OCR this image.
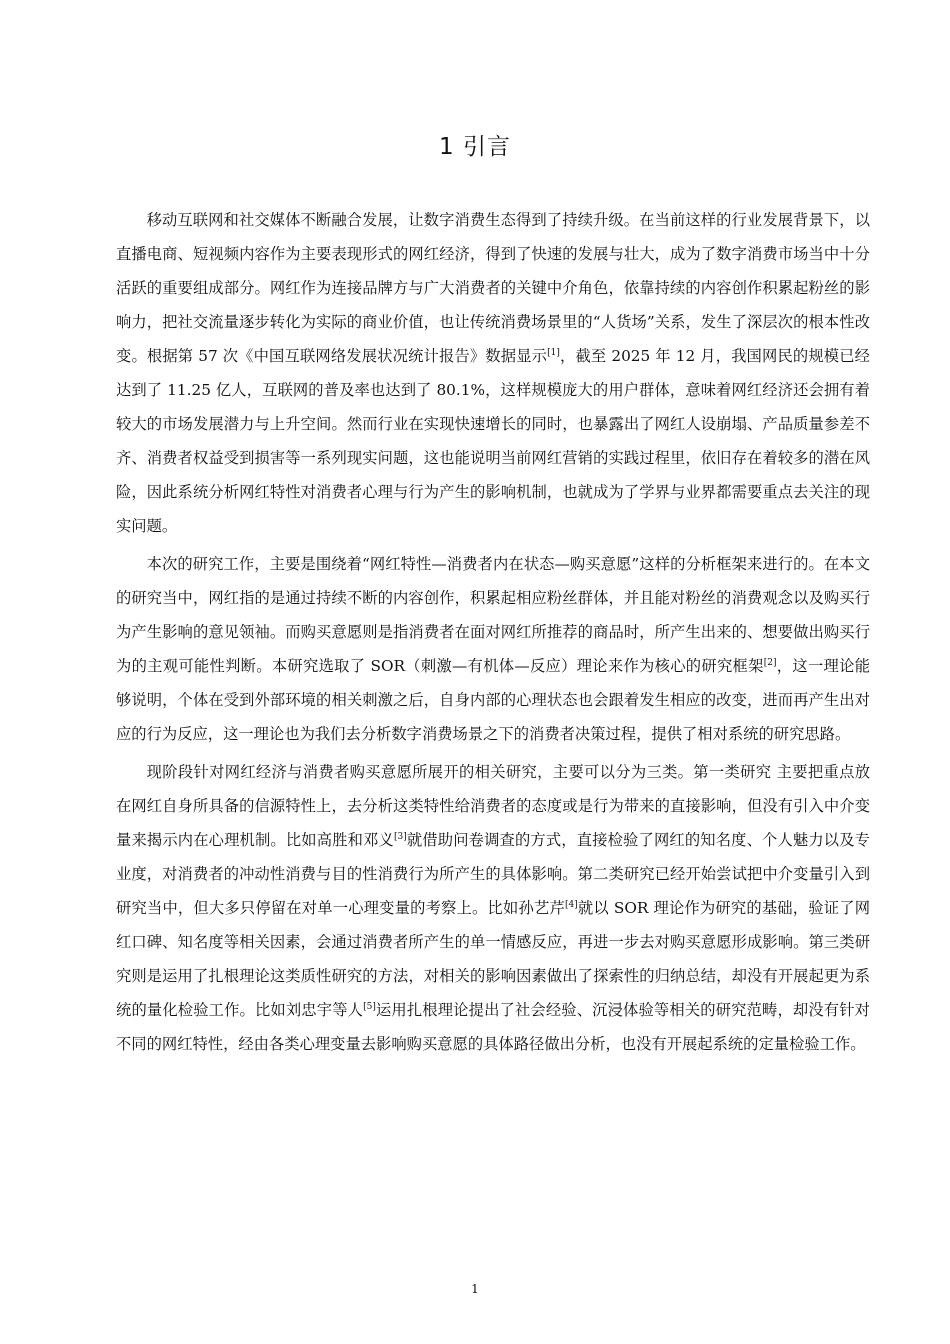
1 引言

移动互联网和社交媒体不断融合发展，让数字消费生态得到了持续升级。在当前这样的行业发展背景下，以直播电商、短视频内容作为主要表现形式的网红经济，得到了快速的发展与壮大，成为了数字消费市场当中十分活跃的重要组成部分。网红作为连接品牌方与广大消费者的关键中介角色，依靠持续的内容创作积累起粉丝的影响力，把社交流量逐步转化为实际的商业价值，也让传统消费场景里的“人货场”关系，发生了深层次的根本性改变。根据第 57 次《中国互联网络发展状况统计报告》数据显示[1]，截至 2025 年 12 月，我国网民的规模已经达到了 11.25 亿人，互联网的普及率也达到了 80.1%，这样规模庞大的用户群体，意味着网红经济还会拥有着较大的市场发展潜力与上升空间。然而行业在实现快速增长的同时，也暴露出了网红人设崩塌、产品质量参差不齐、消费者权益受到损害等一系列现实问题，这也能说明当前网红营销的实践过程里，依旧存在着较多的潜在风险，因此系统分析网红特性对消费者心理与行为产生的影响机制，也就成为了学界与业界都需要重点去关注的现实问题。

本次的研究工作，主要是围绕着“网红特性—消费者内在状态—购买意愿”这样的分析框架来进行的。在本文的研究当中，网红指的是通过持续不断的内容创作，积累起相应粉丝群体，并且能对粉丝的消费观念以及购买行为产生影响的意见领袖。而购买意愿则是指消费者在面对网红所推荐的商品时，所产生出来的、想要做出购买行为的主观可能性判断。本研究选取了 SOR（刺激—有机体—反应）理论来作为核心的研究框架[2]，这一理论能够说明，个体在受到外部环境的相关刺激之后，自身内部的心理状态也会跟着发生相应的改变，进而再产生出对应的行为反应，这一理论也为我们去分析数字消费场景之下的消费者决策过程，提供了相对系统的研究思路。

现阶段针对网红经济与消费者购买意愿所展开的相关研究，主要可以分为三类。第一类研究 主要把重点放在网红自身所具备的信源特性上，去分析这类特性给消费者的态度或是行为带来的直接影响，但没有引入中介变量来揭示内在心理机制。比如高胜和邓义[3]就借助问卷调查的方式，直接检验了网红的知名度、个人魅力以及专业度，对消费者的冲动性消费与目的性消费行为所产生的具体影响。第二类研究已经开始尝试把中介变量引入到研究当中，但大多只停留在对单一心理变量的考察上。比如孙艺芹[4]就以 SOR 理论作为研究的基础，验证了网红口碑、知名度等相关因素，会通过消费者所产生的单一情感反应，再进一步去对购买意愿形成影响。第三类研究则是运用了扎根理论这类质性研究的方法，对相关的影响因素做出了探索性的归纳总结，却没有开展起更为系统的量化检验工作。比如刘忠宇等人[5]运用扎根理论提出了社会经验、沉浸体验等相关的研究范畴，却没有针对不同的网红特性，经由各类心理变量去影响购买意愿的具体路径做出分析，也没有开展起系统的定量检验工作。

1
